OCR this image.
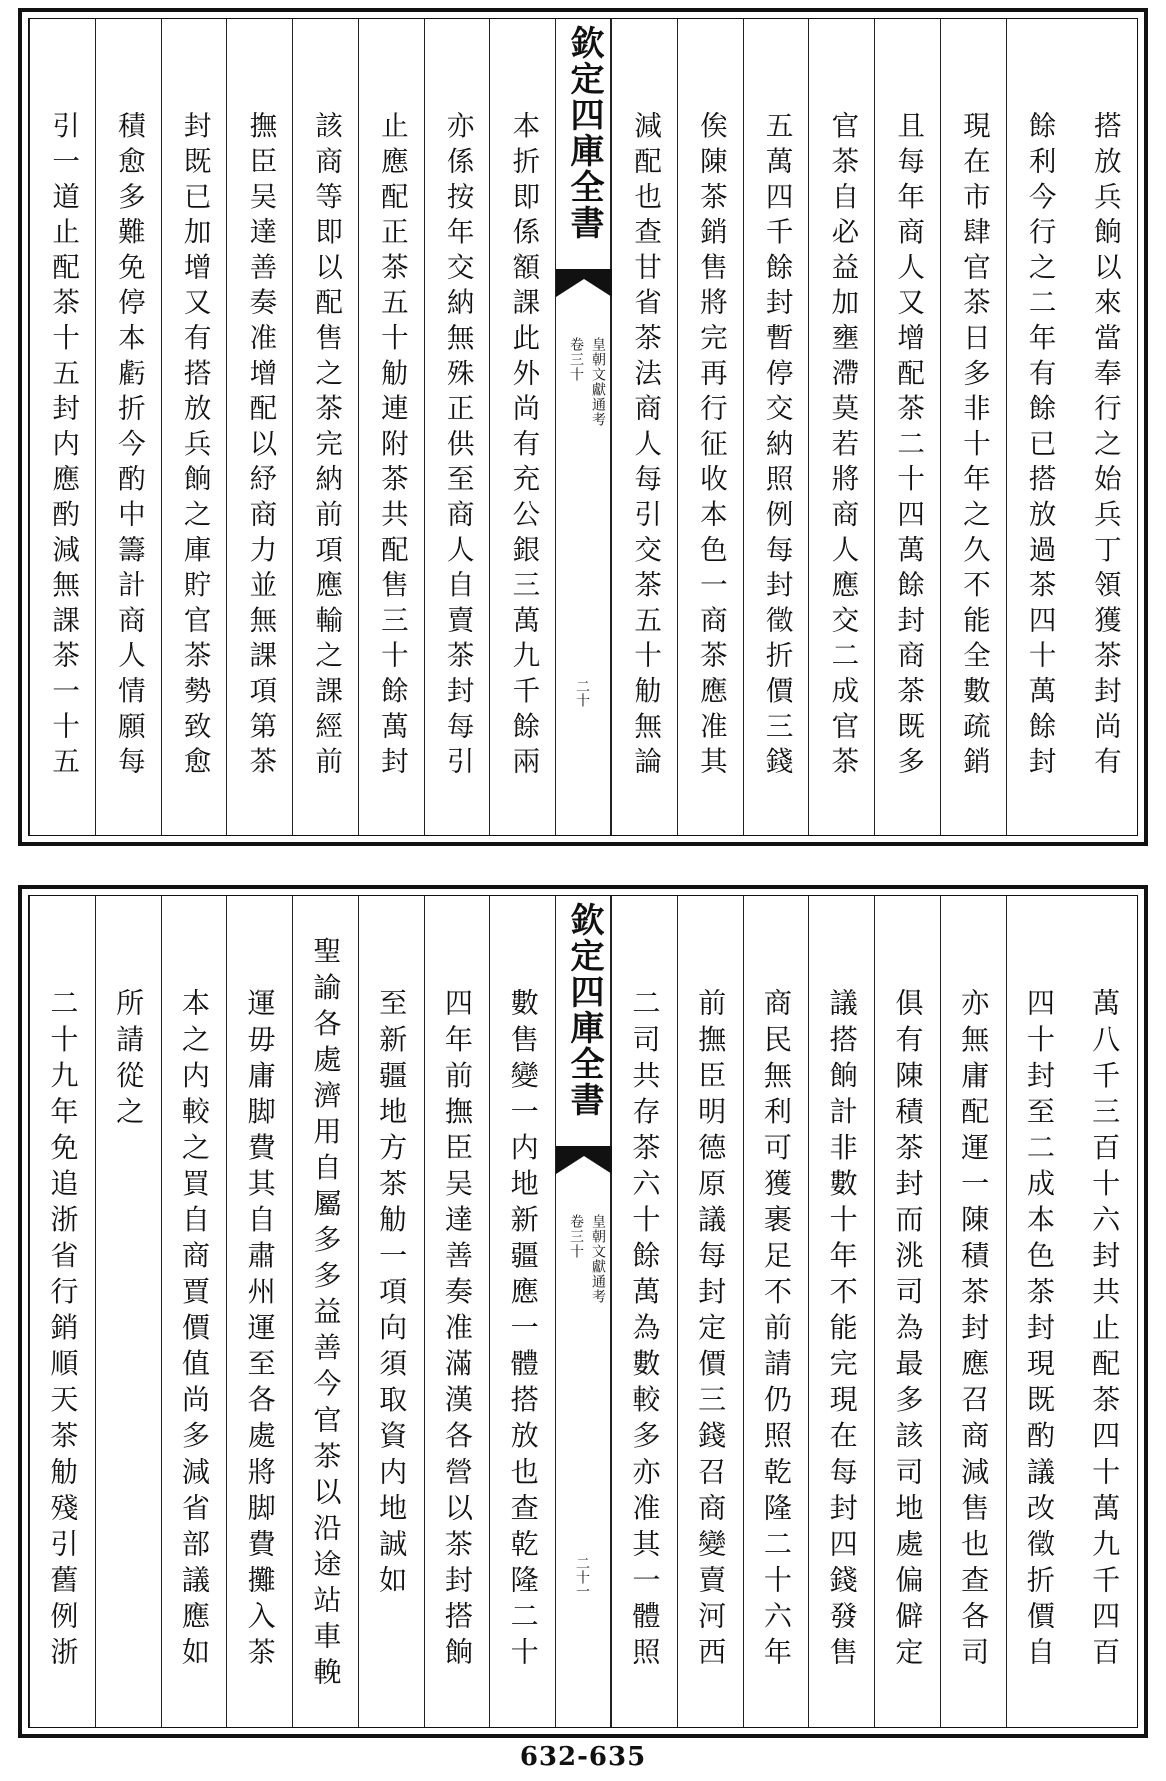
搭放兵餉以來當奉行之始兵丁領獲茶封尚有
餘利今行之二年有餘已搭放過茶四十萬餘封
現在市肆官茶日多非十年之久不能全數疏銷
且每年商人又增配茶二十四萬餘封商茶既多
官茶自必益加壅滯莫若將商人應交二成官茶
五萬四千餘封暫停交納照例每封徵折價三錢
俟陳茶銷售將完再行征收本色一商茶應准其
減配也查甘省茶法商人每引交茶五十觔無論
欽定四庫全書
皇朝文獻通考
卷三十
二十
本折即係額課此外尚有充公銀三萬九千餘兩
亦係按年交納無殊正供至商人自賣茶封每引
止應配正茶五十觔連附茶共配售三十餘萬封
該商等即以配售之茶完納前項應輸之課經前
撫臣吴達善奏准增配以紓商力並無課項第茶
封既已加增又有搭放兵餉之庫貯官茶勢致愈
積愈多難免停本虧折今酌中籌計商人情願每
引一道止配茶十五封内應酌減無課茶一十五
萬八千三百十六封共止配茶四十萬九千四百
四十封至二成本色茶封現既酌議改徵折價自
亦無庸配運一陳積茶封應召商減售也查各司
俱有陳積茶封而洮司為最多該司地處偏僻定
議搭餉計非數十年不能完現在每封四錢發售
商民無利可獲裹足不前請仍照乾隆二十六年
前撫臣明德原議每封定價三錢召商變賣河西
二司共存茶六十餘萬為數較多亦准其一體照
欽定四庫全書
皇朝文獻通考
卷三十
二十一
數售變一内地新疆應一體搭放也查乾隆二十
四年前撫臣吴達善奏准滿漢各營以茶封搭餉
至新疆地方茶觔一項向須取資内地誠如
聖諭各處濟用自屬多多益善今官茶以沿途站車輓
運毋庸脚費其自肅州運至各處將脚費攤入茶
本之内較之買自商賈價值尚多減省部議應如
所請從之
二十九年免追浙省行銷順天茶觔殘引舊例浙
632-635
